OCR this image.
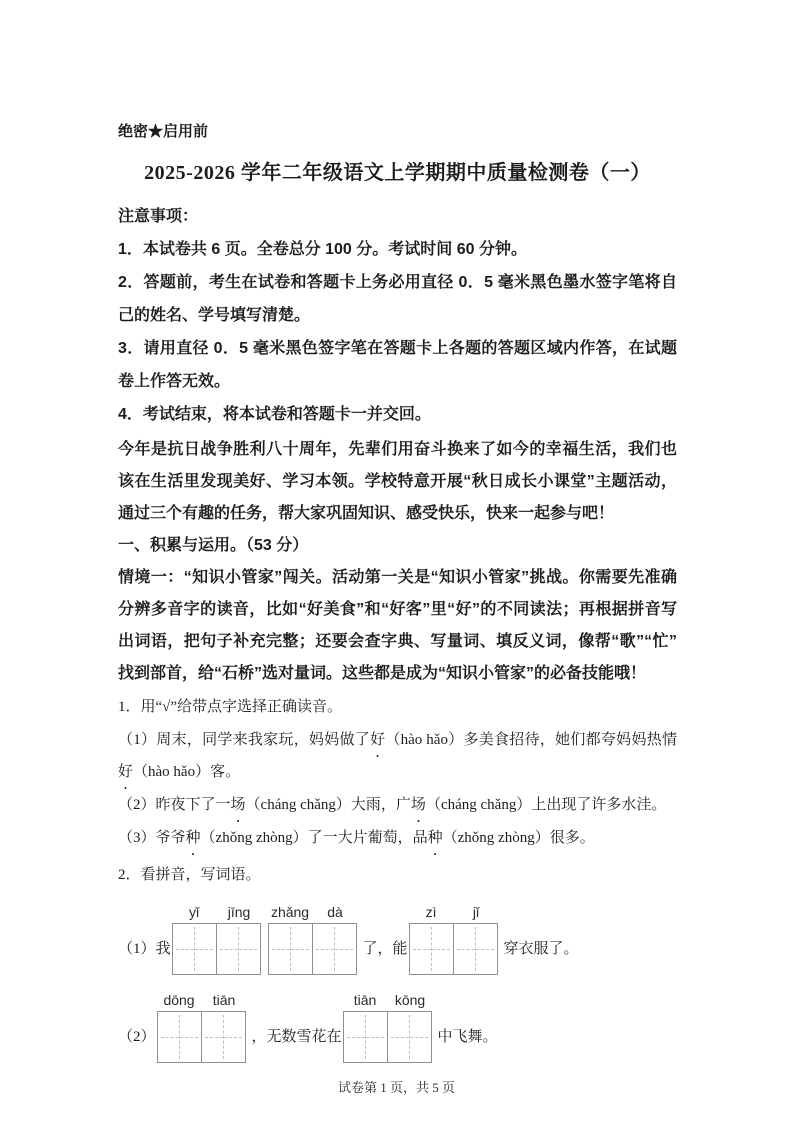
绝密★启用前
2025-2026 学年二年级语文上学期期中质量检测卷（一）
注意事项：

1．本试卷共 6 页。全卷总分 100 分。考试时间 60 分钟。

2．答题前，考生在试卷和答题卡上务必用直径 0．5 毫米黑色墨水签字笔将自己的姓名、学号填写清楚。

3．请用直径 0．5 毫米黑色签字笔在答题卡上各题的答题区域内作答，在试题卷上作答无效。

4．考试结束，将本试卷和答题卡一并交回。

今年是抗日战争胜利八十周年，先辈们用奋斗换来了如今的幸福生活，我们也该在生活里发现美好、学习本领。学校特意开展“秋日成长小课堂”主题活动，通过三个有趣的任务，帮大家巩固知识、感受快乐，快来一起参与吧！

一、积累与运用。（53 分）

情境一：“知识小管家”闯关。活动第一关是“知识小管家”挑战。你需要先准确分辨多音字的读音，比如“好美食”和“好客”里“好”的不同读法；再根据拼音写出词语，把句子补充完整；还要会查字典、写量词、填反义词，像帮“歌”“忙”找到部首，给“石桥”选对量词。这些都是成为“知识小管家”的必备技能哦！

1．用“√”给带点字选择正确读音。

（1）周末，同学来我家玩，妈妈做了好（hào hǎo）多美食招待，她们都夸妈妈热情好（hào hǎo）客。

（2）昨夜下了一场（cháng chǎng）大雨，广场（cháng chǎng）上出现了许多水洼。

（3）爷爷种（zhǒng zhòng）了一大片葡萄，品种（zhǒng zhòng）很多。

2．看拼音，写词语。
（1）我
yǐ	jīng	zhǎng	dà
了，能
zì	jǐ
穿衣服了。
（2）
dōng	tiān
，无数雪花在
tiān	kōng
中飞舞。
试卷第 1 页，共 5 页
